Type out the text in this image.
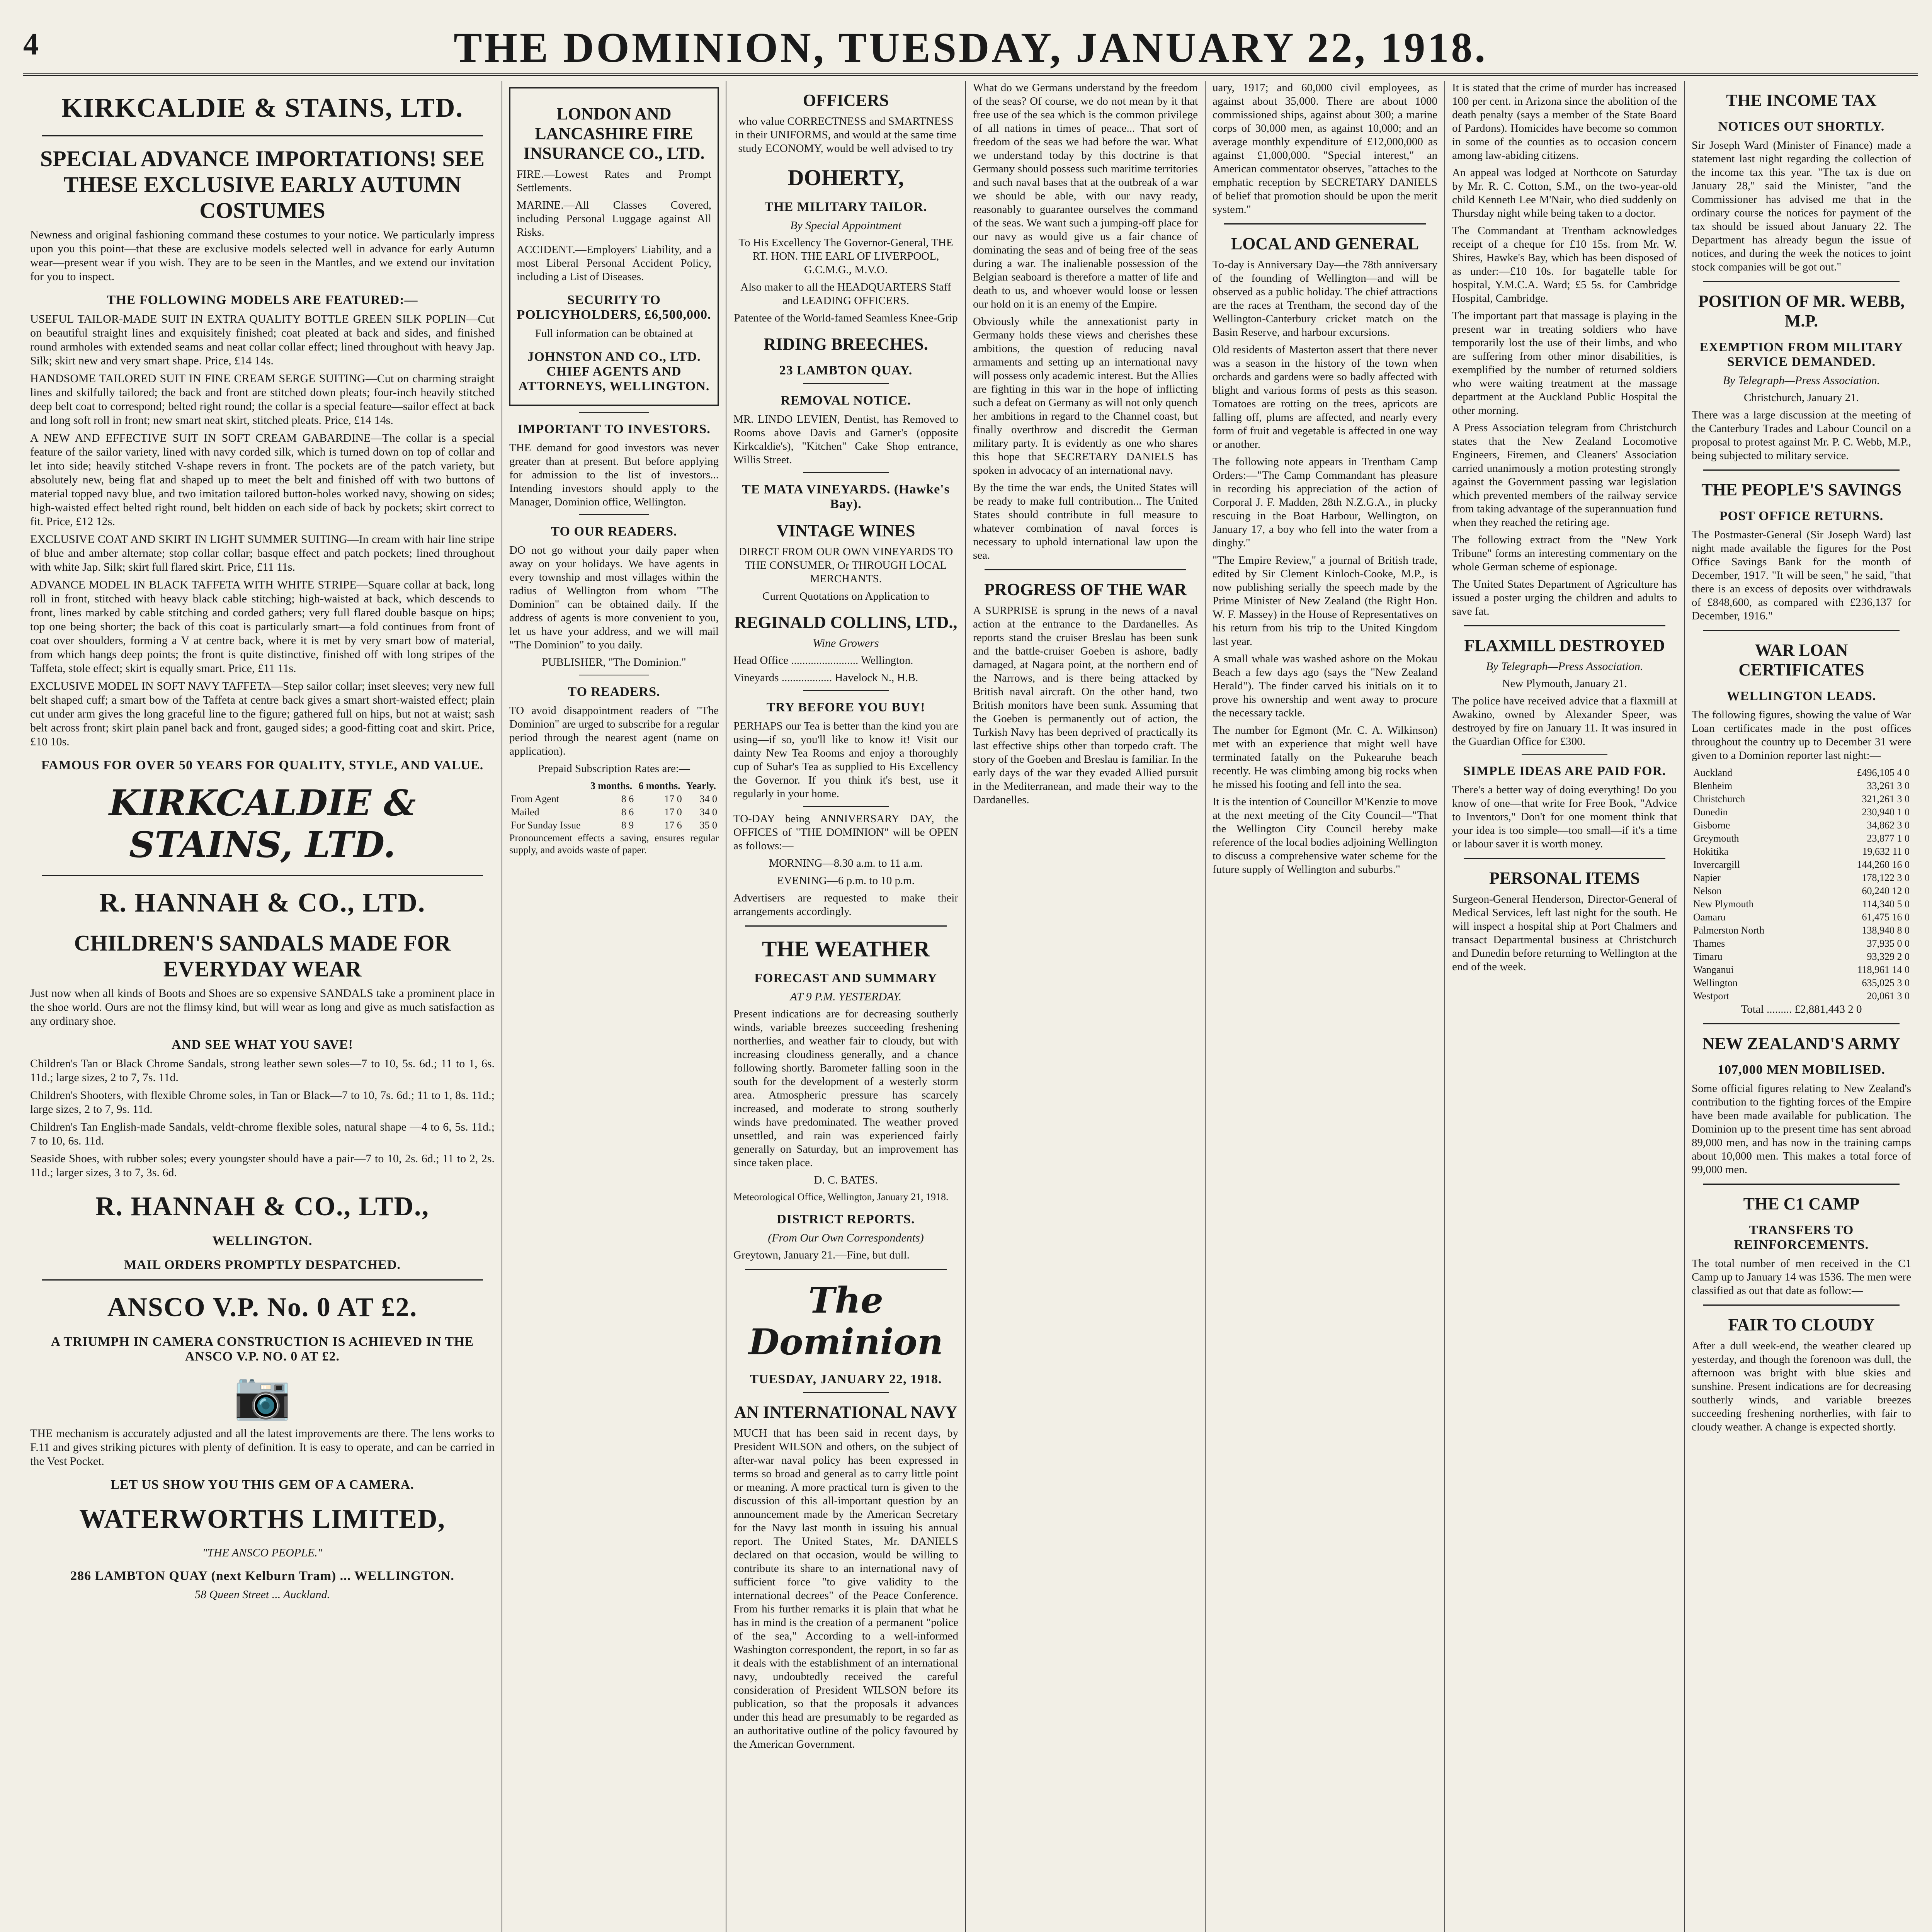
4	THE DOMINION, TUESDAY, JANUARY 22, 1918.
KIRKCALDIE & STAINS, LTD.
SPECIAL ADVANCE IMPORTATIONS! SEE THESE EXCLUSIVE EARLY AUTUMN COSTUMES

Newness and original fashioning command these costumes to your notice. We particularly impress upon you this point—that these are exclusive models selected well in advance for early Autumn wear—present wear if you wish. They are to be seen in the Mantles, and we extend our invitation for you to inspect.

THE FOLLOWING MODELS ARE FEATURED:—

USEFUL TAILOR-MADE SUIT IN EXTRA QUALITY BOTTLE GREEN SILK POPLIN—Cut on beautiful straight lines and exquisitely finished; coat pleated at back and sides, and finished round armholes with extended seams and neat collar collar effect; lined throughout with heavy Jap. Silk; skirt new and very smart shape. Price, £14 14s.

HANDSOME TAILORED SUIT IN FINE CREAM SERGE SUITING—Cut on charming straight lines and skilfully tailored; the back and front are stitched down pleats; four-inch heavily stitched deep belt coat to correspond; belted right round; the collar is a special feature—sailor effect at back and long soft roll in front; new smart neat skirt, stitched pleats. Price, £14 14s.

A NEW AND EFFECTIVE SUIT IN SOFT CREAM GABARDINE—The collar is a special feature of the sailor variety, lined with navy corded silk, which is turned down on top of collar and let into side; heavily stitched V-shape revers in front. The pockets are of the patch variety, but absolutely new, being flat and shaped up to meet the belt and finished off with two buttons of material topped navy blue, and two imitation tailored button-holes worked navy, showing on sides; high-waisted effect belted right round, belt hidden on each side of back by pockets; skirt correct to fit. Price, £12 12s.

EXCLUSIVE COAT AND SKIRT IN LIGHT SUMMER SUITING—In cream with hair line stripe of blue and amber alternate; stop collar collar; basque effect and patch pockets; lined throughout with white Jap. Silk; skirt full flared skirt. Price, £11 11s.

ADVANCE MODEL IN BLACK TAFFETA WITH WHITE STRIPE—Square collar at back, long roll in front, stitched with heavy black cable stitching; high-waisted at back, which descends to front, lines marked by cable stitching and corded gathers; very full flared double basque on hips; top one being shorter; the back of this coat is particularly smart—a fold continues from front of coat over shoulders, forming a V at centre back, where it is met by very smart bow of material, from which hangs deep points; the front is quite distinctive, finished off with long stripes of the Taffeta, stole effect; skirt is equally smart. Price, £11 11s.

EXCLUSIVE MODEL IN SOFT NAVY TAFFETA—Step sailor collar; inset sleeves; very new full belt shaped cuff; a smart bow of the Taffeta at centre back gives a smart short-waisted effect; plain cut under arm gives the long graceful line to the figure; gathered full on hips, but not at waist; sash belt across front; skirt plain panel back and front, gauged sides; a good-fitting coat and skirt. Price, £10 10s.

FAMOUS FOR OVER 50 YEARS FOR QUALITY, STYLE, AND VALUE.
KIRKCALDIE & STAINS, LTD.
R. HANNAH & CO., LTD.
CHILDREN'S SANDALS MADE FOR EVERYDAY WEAR

Just now when all kinds of Boots and Shoes are so expensive SANDALS take a prominent place in the shoe world. Ours are not the flimsy kind, but will wear as long and give as much satisfaction as any ordinary shoe.

AND SEE WHAT YOU SAVE!

Children's Tan or Black Chrome Sandals, strong leather sewn soles—7 to 10, 5s. 6d.; 11 to 1, 6s. 11d.; large sizes, 2 to 7, 7s. 11d.

Children's Shooters, with flexible Chrome soles, in Tan or Black—7 to 10, 7s. 6d.; 11 to 1, 8s. 11d.; large sizes, 2 to 7, 9s. 11d.

Children's Tan English-made Sandals, veldt-chrome flexible soles, natural shape —4 to 6, 5s. 11d.; 7 to 10, 6s. 11d.

Seaside Shoes, with rubber soles; every youngster should have a pair—7 to 10, 2s. 6d.; 11 to 2, 2s. 11d.; larger sizes, 3 to 7, 3s. 6d.

R. HANNAH & CO., LTD.,
WELLINGTON.
MAIL ORDERS PROMPTLY DESPATCHED.
ANSCO V.P. No. 0 AT £2.
A TRIUMPH IN CAMERA CONSTRUCTION IS ACHIEVED IN THE ANSCO V.P. NO. 0 AT £2.
📷

THE mechanism is accurately adjusted and all the latest improvements are there. The lens works to F.11 and gives striking pictures with plenty of definition. It is easy to operate, and can be carried in the Vest Pocket.

LET US SHOW YOU THIS GEM OF A CAMERA.
WATERWORTHS LIMITED,
"THE ANSCO PEOPLE."
286 LAMBTON QUAY (next Kelburn Tram) ... WELLINGTON.
58 Queen Street ... Auckland.
LONDON AND LANCASHIRE FIRE INSURANCE CO., LTD.

FIRE.—Lowest Rates and Prompt Settlements.

MARINE.—All Classes Covered, including Personal Luggage against All Risks.

ACCIDENT.—Employers' Liability, and a most Liberal Personal Accident Policy, including a List of Diseases.

SECURITY TO POLICYHOLDERS, £6,500,000.

Full information can be obtained at

JOHNSTON AND CO., LTD. CHIEF AGENTS AND ATTORNEYS, WELLINGTON.
IMPORTANT TO INVESTORS.

THE demand for good investors was never greater than at present. But before applying for admission to the list of investors... Intending investors should apply to the Manager, Dominion office, Wellington.

TO OUR READERS.

DO not go without your daily paper when away on your holidays. We have agents in every township and most villages within the radius of Wellington from whom "The Dominion" can be obtained daily. If the address of agents is more convenient to you, let us have your address, and we will mail "The Dominion" to you daily.

PUBLISHER, "The Dominion."

TO READERS.

TO avoid disappointment readers of "The Dominion" are urged to subscribe for a regular period through the nearest agent (name on application).

Prepaid Subscription Rates are:—

	3 months.	6 months.	Yearly.
From Agent	8 6	17 0	34 0
Mailed	8 6	17 0	34 0
For Sunday Issue	8 9	17 6	35 0

Pronouncement effects a saving, ensures regular supply, and avoids waste of paper.

OFFICERS

who value CORRECTNESS and SMARTNESS in their UNIFORMS, and would at the same time study ECONOMY, would be well advised to try

DOHERTY,
THE MILITARY TAILOR.
By Special Appointment

To His Excellency The Governor-General, THE RT. HON. THE EARL OF LIVERPOOL, G.C.M.G., M.V.O.

Also maker to all the HEADQUARTERS Staff and LEADING OFFICERS.

Patentee of the World-famed Seamless Knee-Grip

RIDING BREECHES.
23 LAMBTON QUAY.
REMOVAL NOTICE.

MR. LINDO LEVIEN, Dentist, has Removed to Rooms above Davis and Garner's (opposite Kirkcaldie's), "Kitchen" Cake Shop entrance, Willis Street.

TE MATA VINEYARDS. (Hawke's Bay).
VINTAGE WINES

DIRECT FROM OUR OWN VINEYARDS TO THE CONSUMER, Or THROUGH LOCAL MERCHANTS.

Current Quotations on Application to

REGINALD COLLINS, LTD.,
Wine Growers

Head Office ........................ Wellington.

Vineyards .................. Havelock N., H.B.

TRY BEFORE YOU BUY!

PERHAPS our Tea is better than the kind you are using—if so, you'll like to know it! Visit our dainty New Tea Rooms and enjoy a thoroughly cup of Suhar's Tea as supplied to His Excellency the Governor. If you think it's best, use it regularly in your home.

TO-DAY being ANNIVERSARY DAY, the OFFICES of "THE DOMINION" will be OPEN as follows:—

MORNING—8.30 a.m. to 11 a.m.

EVENING—6 p.m. to 10 p.m.

Advertisers are requested to make their arrangements accordingly.

THE WEATHER
FORECAST AND SUMMARY
AT 9 P.M. YESTERDAY.

Present indications are for decreasing southerly winds, variable breezes succeeding freshening northerlies, and weather fair to cloudy, but with increasing cloudiness generally, and a chance following shortly. Barometer falling soon in the south for the development of a westerly storm area. Atmospheric pressure has scarcely increased, and moderate to strong southerly winds have predominated. The weather proved unsettled, and rain was experienced fairly generally on Saturday, but an improvement has since taken place.

D. C. BATES.

Meteorological Office, Wellington, January 21, 1918.

DISTRICT REPORTS.
(From Our Own Correspondents)

Greytown, January 21.—Fine, but dull.

The Dominion
TUESDAY, JANUARY 22, 1918.
AN INTERNATIONAL NAVY

MUCH that has been said in recent days, by President WILSON and others, on the subject of after-war naval policy has been expressed in terms so broad and general as to carry little point or meaning. A more practical turn is given to the discussion of this all-important question by an announcement made by the American Secretary for the Navy last month in issuing his annual report. The United States, Mr. DANIELS declared on that occasion, would be willing to contribute its share to an international navy of sufficient force "to give validity to the international decrees" of the Peace Conference. From his further remarks it is plain that what he has in mind is the creation of a permanent "police of the sea," According to a well-informed Washington correspondent, the report, in so far as it deals with the establishment of an international navy, undoubtedly received the careful consideration of President WILSON before its publication, so that the proposals it advances under this head are presumably to be regarded as an authoritative outline of the policy favoured by the American Government.

What do we Germans understand by the freedom of the seas? Of course, we do not mean by it that free use of the sea which is the common privilege of all nations in times of peace... That sort of freedom of the seas we had before the war. What we understand today by this doctrine is that Germany should possess such maritime territories and such naval bases that at the outbreak of a war we should be able, with our navy ready, reasonably to guarantee ourselves the command of the seas. We want such a jumping-off place for our navy as would give us a fair chance of dominating the seas and of being free of the seas during a war. The inalienable possession of the Belgian seaboard is therefore a matter of life and death to us, and whoever would loose or lessen our hold on it is an enemy of the Empire.

Obviously while the annexationist party in Germany holds these views and cherishes these ambitions, the question of reducing naval armaments and setting up an international navy will possess only academic interest. But the Allies are fighting in this war in the hope of inflicting such a defeat on Germany as will not only quench her ambitions in regard to the Channel coast, but finally overthrow and discredit the German military party. It is evidently as one who shares this hope that SECRETARY DANIELS has spoken in advocacy of an international navy.

By the time the war ends, the United States will be ready to make full contribution... The United States should contribute in full measure to whatever combination of naval forces is necessary to uphold international law upon the sea.

PROGRESS OF THE WAR

A SURPRISE is sprung in the news of a naval action at the entrance to the Dardanelles. As reports stand the cruiser Breslau has been sunk and the battle-cruiser Goeben is ashore, badly damaged, at Nagara point, at the northern end of the Narrows, and is there being attacked by British naval aircraft. On the other hand, two British monitors have been sunk. Assuming that the Goeben is permanently out of action, the Turkish Navy has been deprived of practically its last effective ships other than torpedo craft. The story of the Goeben and Breslau is familiar. In the early days of the war they evaded Allied pursuit in the Mediterranean, and made their way to the Dardanelles.

uary, 1917; and 60,000 civil employees, as against about 35,000. There are about 1000 commissioned ships, against about 300; a marine corps of 30,000 men, as against 10,000; and an average monthly expenditure of £12,000,000 as against £1,000,000. "Special interest," an American commentator observes, "attaches to the emphatic reception by SECRETARY DANIELS of belief that promotion should be upon the merit system."

LOCAL AND GENERAL

To-day is Anniversary Day—the 78th anniversary of the founding of Wellington—and will be observed as a public holiday. The chief attractions are the races at Trentham, the second day of the Wellington-Canterbury cricket match on the Basin Reserve, and harbour excursions.

Old residents of Masterton assert that there never was a season in the history of the town when orchards and gardens were so badly affected with blight and various forms of pests as this season. Tomatoes are rotting on the trees, apricots are falling off, plums are affected, and nearly every form of fruit and vegetable is affected in one way or another.

The following note appears in Trentham Camp Orders:—"The Camp Commandant has pleasure in recording his appreciation of the action of Corporal J. F. Madden, 28th N.Z.G.A., in plucky rescuing in the Boat Harbour, Wellington, on January 17, a boy who fell into the water from a dinghy."

"The Empire Review," a journal of British trade, edited by Sir Clement Kinloch-Cooke, M.P., is now publishing serially the speech made by the Prime Minister of New Zealand (the Right Hon. W. F. Massey) in the House of Representatives on his return from his trip to the United Kingdom last year.

A small whale was washed ashore on the Mokau Beach a few days ago (says the "New Zealand Herald"). The finder carved his initials on it to prove his ownership and went away to procure the necessary tackle.

The number for Egmont (Mr. C. A. Wilkinson) met with an experience that might well have terminated fatally on the Pukearuhe beach recently. He was climbing among big rocks when he missed his footing and fell into the sea.

It is the intention of Councillor M'Kenzie to move at the next meeting of the City Council—"That the Wellington City Council hereby make reference of the local bodies adjoining Wellington to discuss a comprehensive water scheme for the future supply of Wellington and suburbs."

It is stated that the crime of murder has increased 100 per cent. in Arizona since the abolition of the death penalty (says a member of the State Board of Pardons). Homicides have become so common in some of the counties as to occasion concern among law-abiding citizens.

An appeal was lodged at Northcote on Saturday by Mr. R. C. Cotton, S.M., on the two-year-old child Kenneth Lee M'Nair, who died suddenly on Thursday night while being taken to a doctor.

The Commandant at Trentham acknowledges receipt of a cheque for £10 15s. from Mr. W. Shires, Hawke's Bay, which has been disposed of as under:—£10 10s. for bagatelle table for hospital, Y.M.C.A. Ward; £5 5s. for Cambridge Hospital, Cambridge.

The important part that massage is playing in the present war in treating soldiers who have temporarily lost the use of their limbs, and who are suffering from other minor disabilities, is exemplified by the number of returned soldiers who were waiting treatment at the massage department at the Auckland Public Hospital the other morning.

A Press Association telegram from Christchurch states that the New Zealand Locomotive Engineers, Firemen, and Cleaners' Association carried unanimously a motion protesting strongly against the Government passing war legislation which prevented members of the railway service from taking advantage of the superannuation fund when they reached the retiring age.

The following extract from the "New York Tribune" forms an interesting commentary on the whole German scheme of espionage.

The United States Department of Agriculture has issued a poster urging the children and adults to save fat.

FLAXMILL DESTROYED
By Telegraph—Press Association.

New Plymouth, January 21.

The police have received advice that a flaxmill at Awakino, owned by Alexander Speer, was destroyed by fire on January 11. It was insured in the Guardian Office for £300.

SIMPLE IDEAS ARE PAID FOR.

There's a better way of doing everything! Do you know of one—that write for Free Book, "Advice to Inventors," Don't for one moment think that your idea is too simple—too small—if it's a time or labour saver it is worth money.

PERSONAL ITEMS

Surgeon-General Henderson, Director-General of Medical Services, left last night for the south. He will inspect a hospital ship at Port Chalmers and transact Departmental business at Christchurch and Dunedin before returning to Wellington at the end of the week.

THE INCOME TAX
NOTICES OUT SHORTLY.

Sir Joseph Ward (Minister of Finance) made a statement last night regarding the collection of the income tax this year. "The tax is due on January 28," said the Minister, "and the Commissioner has advised me that in the ordinary course the notices for payment of the tax should be issued about January 22. The Department has already begun the issue of notices, and during the week the notices to joint stock companies will be got out."

POSITION OF MR. WEBB, M.P.
EXEMPTION FROM MILITARY SERVICE DEMANDED.
By Telegraph—Press Association.

Christchurch, January 21.

There was a large discussion at the meeting of the Canterbury Trades and Labour Council on a proposal to protest against Mr. P. C. Webb, M.P., being subjected to military service.

THE PEOPLE'S SAVINGS
POST OFFICE RETURNS.

The Postmaster-General (Sir Joseph Ward) last night made available the figures for the Post Office Savings Bank for the month of December, 1917. "It will be seen," he said, "that there is an excess of deposits over withdrawals of £848,600, as compared with £236,137 for December, 1916."

WAR LOAN CERTIFICATES
WELLINGTON LEADS.

The following figures, showing the value of War Loan certificates made in the post offices throughout the country up to December 31 were given to a Dominion reporter last night:—

Auckland	£496,105 4 0
Blenheim	33,261 3 0
Christchurch	321,261 3 0
Dunedin	230,940 1 0
Gisborne	34,862 3 0
Greymouth	23,877 1 0
Hokitika	19,632 11 0
Invercargill	144,260 16 0
Napier	178,122 3 0
Nelson	60,240 12 0
New Plymouth	114,340 5 0
Oamaru	61,475 16 0
Palmerston North	138,940 8 0
Thames	37,935 0 0
Timaru	93,329 2 0
Wanganui	118,961 14 0
Wellington	635,025 3 0
Westport	20,061 3 0

Total ......... £2,881,443 2 0

NEW ZEALAND'S ARMY
107,000 MEN MOBILISED.

Some official figures relating to New Zealand's contribution to the fighting forces of the Empire have been made available for publication. The Dominion up to the present time has sent abroad 89,000 men, and has now in the training camps about 10,000 men. This makes a total force of 99,000 men.

THE C1 CAMP
TRANSFERS TO REINFORCEMENTS.

The total number of men received in the C1 Camp up to January 14 was 1536. The men were classified as out that date as follow:—

FAIR TO CLOUDY

After a dull week-end, the weather cleared up yesterday, and though the forenoon was dull, the afternoon was bright with blue skies and sunshine. Present indications are for decreasing southerly winds, and variable breezes succeeding freshening northerlies, with fair to cloudy weather. A change is expected shortly.
